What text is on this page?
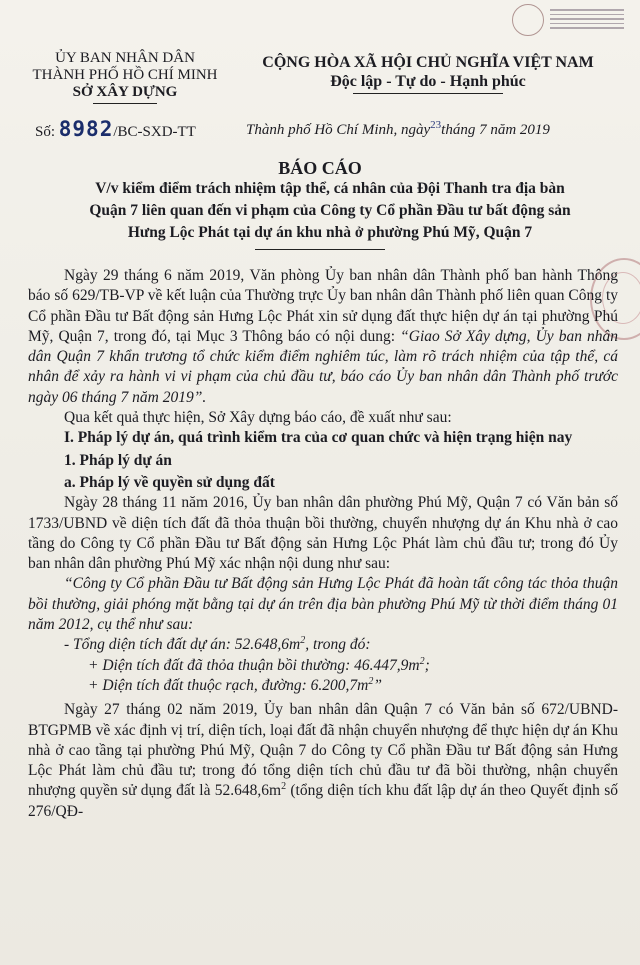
ỦY BAN NHÂN DÂN
THÀNH PHỐ HỒ CHÍ MINH
SỞ XÂY DỰNG
CỘNG HÒA XÃ HỘI CHỦ NGHĨA VIỆT NAM
Độc lập - Tự do - Hạnh phúc
Số: 8982/BC-SXD-TT	Thành phố Hồ Chí Minh, ngày$^{23}$tháng 7 năm 2019
BÁO CÁO
V/v kiểm điểm trách nhiệm tập thể, cá nhân của Đội Thanh tra địa bàn
Quận 7 liên quan đến vi phạm của Công ty Cổ phần Đầu tư bất động sản
Hưng Lộc Phát tại dự án khu nhà ở phường Phú Mỹ, Quận 7

Ngày 29 tháng 6 năm 2019, Văn phòng Ủy ban nhân dân Thành phố ban hành Thông báo số 629/TB-VP về kết luận của Thường trực Ủy ban nhân dân Thành phố liên quan Công ty Cổ phần Đầu tư Bất động sản Hưng Lộc Phát xin sử dụng đất thực hiện dự án tại phường Phú Mỹ, Quận 7, trong đó, tại Mục 3 Thông báo có nội dung: “Giao Sở Xây dựng, Ủy ban nhân dân Quận 7 khẩn trương tổ chức kiểm điểm nghiêm túc, làm rõ trách nhiệm của tập thể, cá nhân để xảy ra hành vi vi phạm của chủ đầu tư, báo cáo Ủy ban nhân dân Thành phố trước ngày 06 tháng 7 năm 2019”.

Qua kết quả thực hiện, Sở Xây dựng báo cáo, đề xuất như sau:

I. Pháp lý dự án, quá trình kiểm tra của cơ quan chức và hiện trạng hiện nay

1. Pháp lý dự án

a. Pháp lý về quyền sử dụng đất

Ngày 28 tháng 11 năm 2016, Ủy ban nhân dân phường Phú Mỹ, Quận 7 có Văn bản số 1733/UBND về diện tích đất đã thỏa thuận bồi thường, chuyển nhượng dự án Khu nhà ở cao tầng do Công ty Cổ phần Đầu tư Bất động sản Hưng Lộc Phát làm chủ đầu tư; trong đó Ủy ban nhân dân phường Phú Mỹ xác nhận nội dung như sau:

“Công ty Cổ phần Đầu tư Bất động sản Hưng Lộc Phát đã hoàn tất công tác thỏa thuận bồi thường, giải phóng mặt bằng tại dự án trên địa bàn phường Phú Mỹ từ thời điểm tháng 01 năm 2012, cụ thể như sau:

- Tổng diện tích đất dự án: $52.648,6m^2$, trong đó:

+ Diện tích đất đã thỏa thuận bồi thường: $46.447,9m^2$;

+ Diện tích đất thuộc rạch, đường: $6.200,7m^2$”

Ngày 27 tháng 02 năm 2019, Ủy ban nhân dân Quận 7 có Văn bản số 672/UBND-BTGPMB về xác định vị trí, diện tích, loại đất đã nhận chuyển nhượng để thực hiện dự án Khu nhà ở cao tầng tại phường Phú Mỹ, Quận 7 do Công ty Cổ phần Đầu tư Bất động sản Hưng Lộc Phát làm chủ đầu tư; trong đó tổng diện tích chủ đầu tư đã bồi thường, nhận chuyển nhượng quyền sử dụng đất là $52.648,6m^2$ (tổng diện tích khu đất lập dự án theo Quyết định số 276/QĐ-
